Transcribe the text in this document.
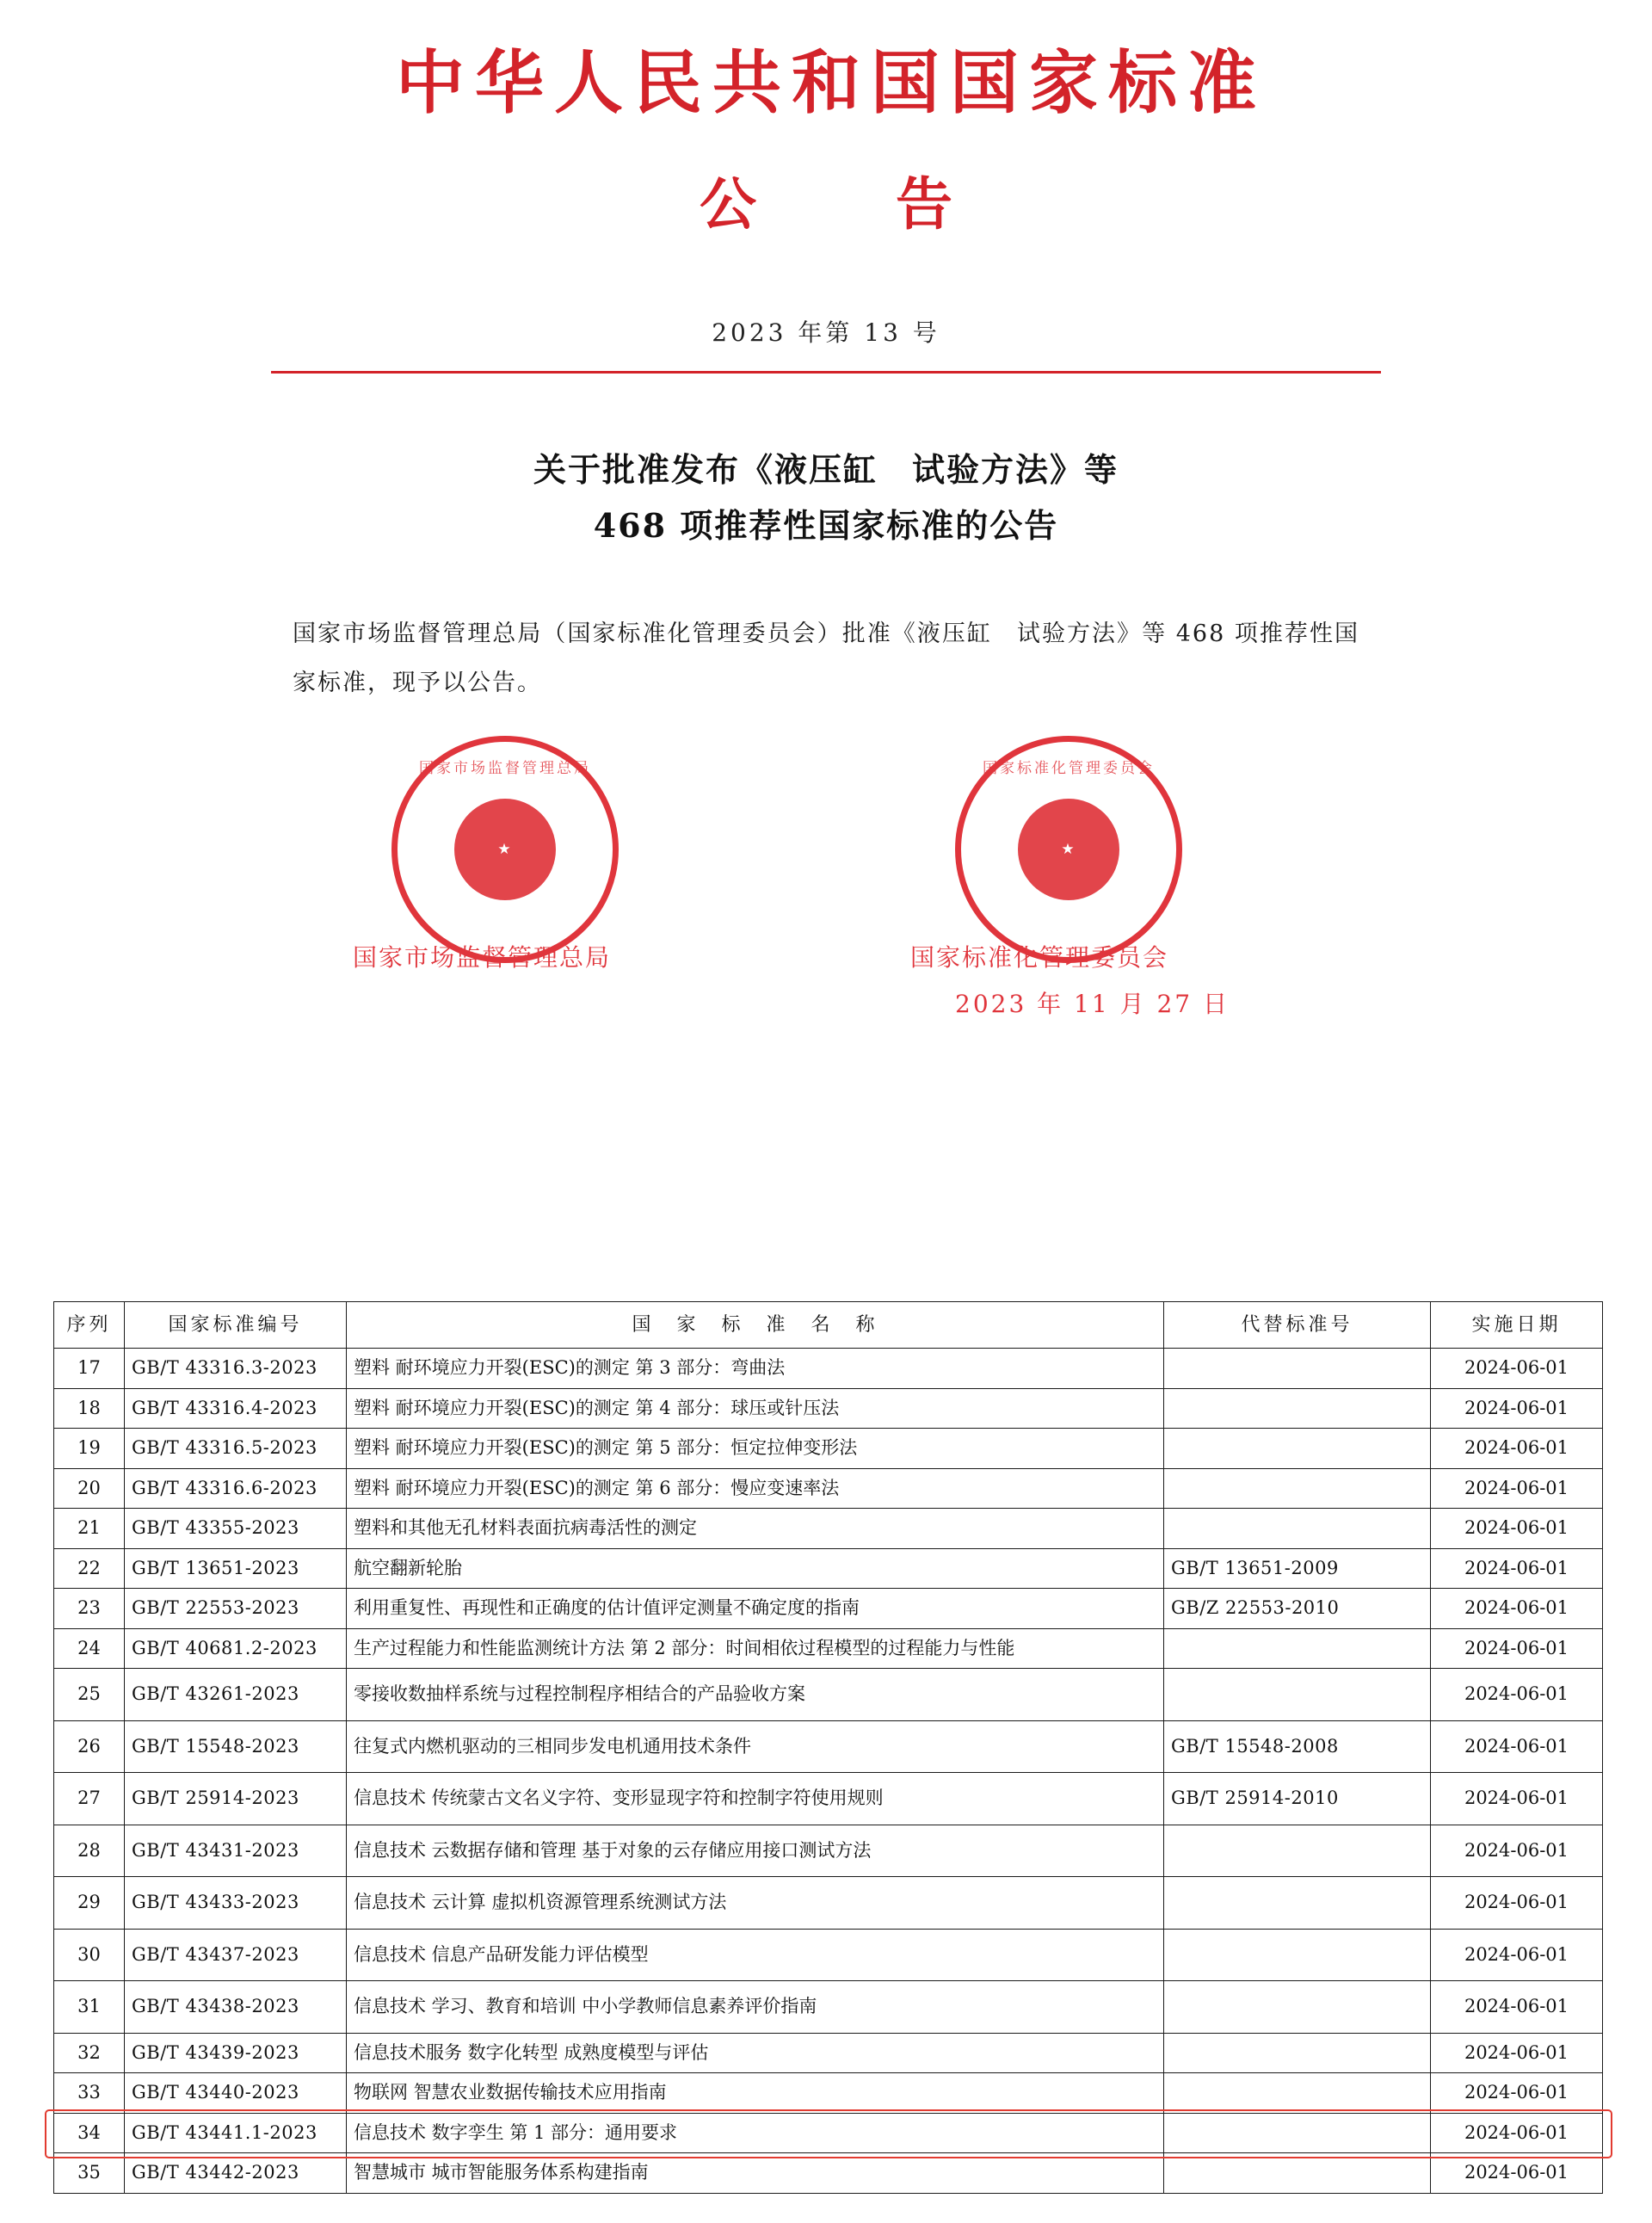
中华人民共和国国家标准
公　告
2023 年第 13 号
关于批准发布《液压缸　试验方法》等
468 项推荐性国家标准的公告

国家市场监督管理总局（国家标准化管理委员会）批准《液压缸　试验方法》等 468 项推荐性国家标准，现予以公告。

国家市场监督管理总局
★
国家标准化管理委员会
★
国家市场监督管理总局	国家标准化管理委员会
2023 年 11 月 27 日
序列	国家标准编号	国　家　标　准　名　称	代替标准号	实施日期
17	GB/T 43316.3-2023	塑料 耐环境应力开裂(ESC)的测定 第 3 部分：弯曲法		2024-06-01
18	GB/T 43316.4-2023	塑料 耐环境应力开裂(ESC)的测定 第 4 部分：球压或针压法		2024-06-01
19	GB/T 43316.5-2023	塑料 耐环境应力开裂(ESC)的测定 第 5 部分：恒定拉伸变形法		2024-06-01
20	GB/T 43316.6-2023	塑料 耐环境应力开裂(ESC)的测定 第 6 部分：慢应变速率法		2024-06-01
21	GB/T 43355-2023	塑料和其他无孔材料表面抗病毒活性的测定		2024-06-01
22	GB/T 13651-2023	航空翻新轮胎	GB/T 13651-2009	2024-06-01
23	GB/T 22553-2023	利用重复性、再现性和正确度的估计值评定测量不确定度的指南	GB/Z 22553-2010	2024-06-01
24	GB/T 40681.2-2023	生产过程能力和性能监测统计方法 第 2 部分：时间相依过程模型的过程能力与性能		2024-06-01
25	GB/T 43261-2023	零接收数抽样系统与过程控制程序相结合的产品验收方案		2024-06-01
26	GB/T 15548-2023	往复式内燃机驱动的三相同步发电机通用技术条件	GB/T 15548-2008	2024-06-01
27	GB/T 25914-2023	信息技术 传统蒙古文名义字符、变形显现字符和控制字符使用规则	GB/T 25914-2010	2024-06-01
28	GB/T 43431-2023	信息技术 云数据存储和管理 基于对象的云存储应用接口测试方法		2024-06-01
29	GB/T 43433-2023	信息技术 云计算 虚拟机资源管理系统测试方法		2024-06-01
30	GB/T 43437-2023	信息技术 信息产品研发能力评估模型		2024-06-01
31	GB/T 43438-2023	信息技术 学习、教育和培训 中小学教师信息素养评价指南		2024-06-01
32	GB/T 43439-2023	信息技术服务 数字化转型 成熟度模型与评估		2024-06-01
33	GB/T 43440-2023	物联网 智慧农业数据传输技术应用指南		2024-06-01
34	GB/T 43441.1-2023	信息技术 数字孪生 第 1 部分：通用要求		2024-06-01
35	GB/T 43442-2023	智慧城市 城市智能服务体系构建指南		2024-06-01
